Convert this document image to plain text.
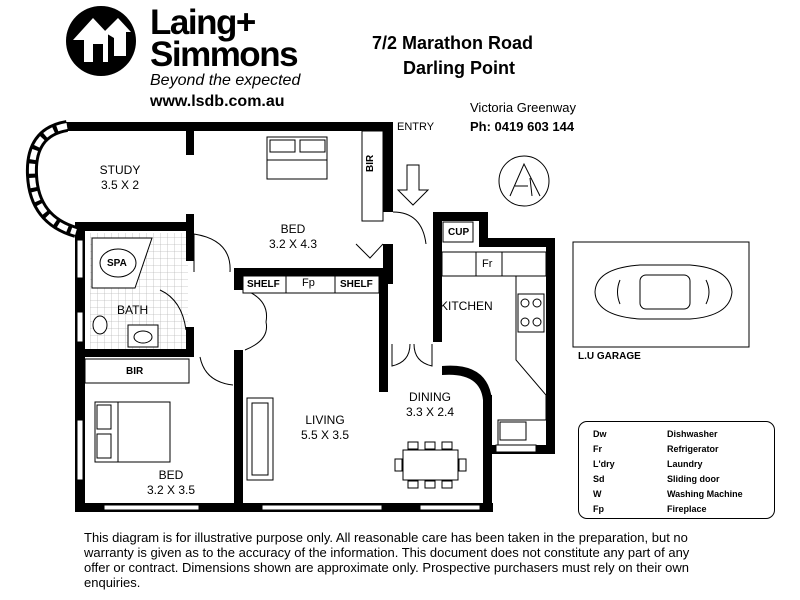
Laing+
Simmons
Beyond the expected
www.lsdb.com.au
7/2 Marathon Road
Darling Point
Victoria Greenway
Ph: 0419 603 144
ENTRY
STUDY
3.5 X 2
BED
3.2 X 4.3
BED
3.2 X 3.5
LIVING
5.5 X 3.5
DINING
3.3 X 2.4
KITCHEN
BATH
BIR
BIR
SPA
SHELF Fp	SHELF
CUP
Fr
L.U GARAGE
Dw	Dishwasher
Fr	Refrigerator
L'dry	Laundry
Sd	Sliding door
W	Washing Machine
Fp	Fireplace
This diagram is for illustrative purpose only. All reasonable care has been taken in the preparation, but no warranty is given as to the accuracy of the information. This document does not constitute any part of any offer or contract. Dimensions shown are approximate only. Prospective purchasers must rely on their own enquiries.
